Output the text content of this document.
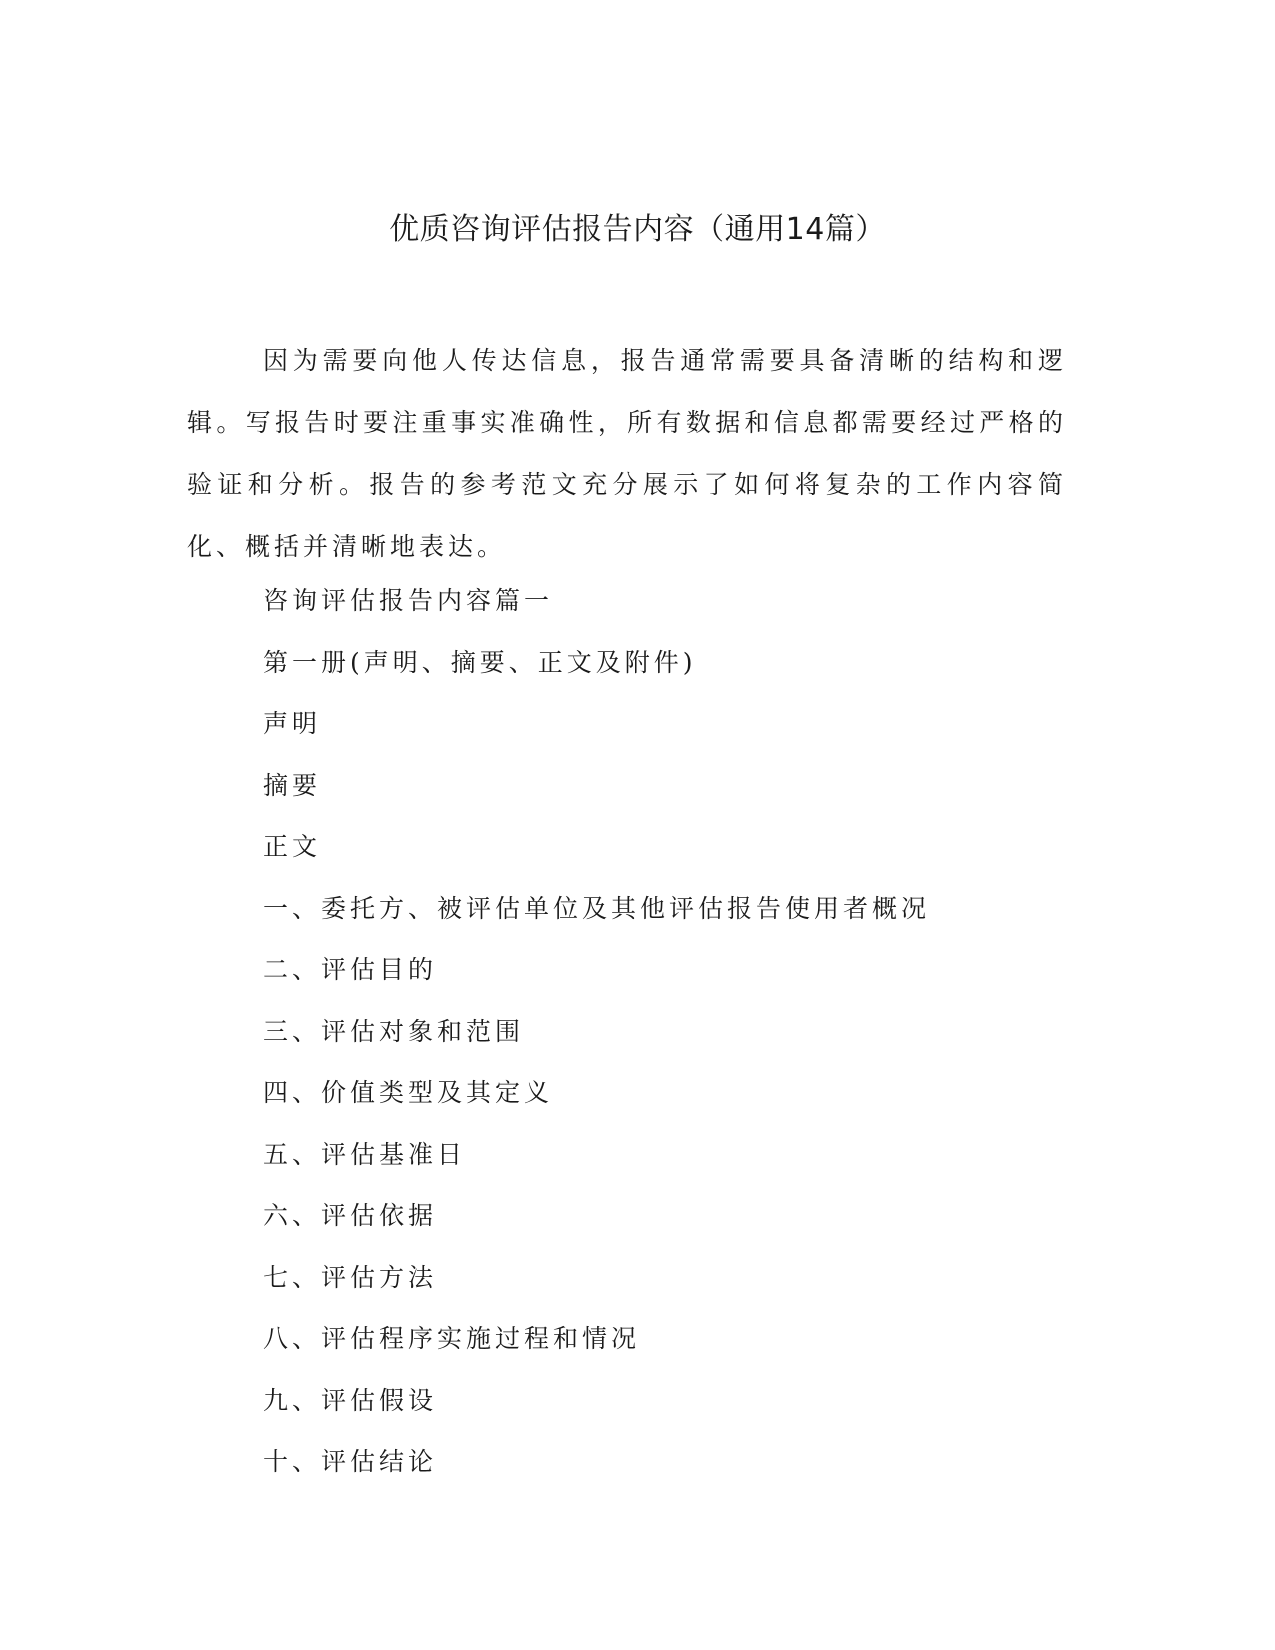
优质咨询评估报告内容（通用14篇）

因为需要向他人传达信息，报告通常需要具备清晰的结构和逻辑。写报告时要注重事实准确性，所有数据和信息都需要经过严格的验证和分析。报告的参考范文充分展示了如何将复杂的工作内容简化、概括并清晰地表达。

咨询评估报告内容篇一
第一册(声明、摘要、正文及附件)
声明
摘要
正文
一、委托方、被评估单位及其他评估报告使用者概况
二、评估目的
三、评估对象和范围
四、价值类型及其定义
五、评估基准日
六、评估依据
七、评估方法
八、评估程序实施过程和情况
九、评估假设
十、评估结论
